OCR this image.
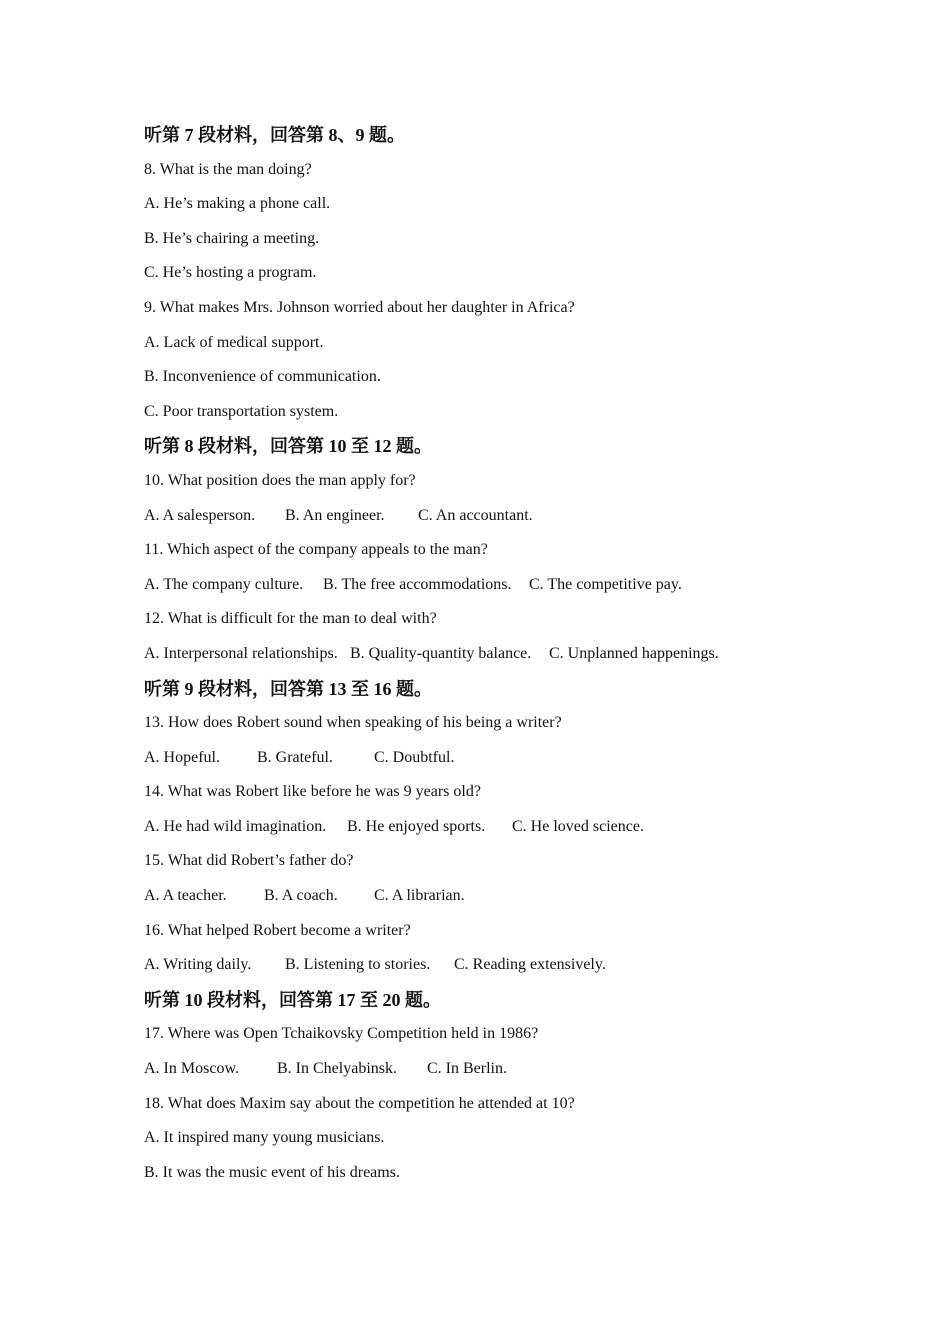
听第 7 段材料，回答第 8、9 题。
8. What is the man doing?
A. He’s making a phone call.
B. He’s chairing a meeting.
C. He’s hosting a program.
9. What makes Mrs. Johnson worried about her daughter in Africa?
A. Lack of medical support.
B. Inconvenience of communication.
C. Poor transportation system.
听第 8 段材料，回答第 10 至 12 题。
10. What position does the man apply for?
A. A salesperson. B. An engineer. C. An accountant.
11. Which aspect of the company appeals to the man?
A. The company culture. B. The free accommodations. C. The competitive pay.
12. What is difficult for the man to deal with?
A. Interpersonal relationships. B. Quality-quantity balance. C. Unplanned happenings.
听第 9 段材料，回答第 13 至 16 题。
13. How does Robert sound when speaking of his being a writer?
A. Hopeful. B. Grateful.	C. Doubtful.
14. What was Robert like before he was 9 years old?
A. He had wild imagination. B. He enjoyed sports. C. He loved science.
15. What did Robert’s father do?
A. A teacher. B. A coach. C. A librarian.
16. What helped Robert become a writer?
A. Writing daily. B. Listening to stories. C. Reading extensively.
听第 10 段材料，回答第 17 至 20 题。
17. Where was Open Tchaikovsky Competition held in 1986?
A. In Moscow. B. In Chelyabinsk. C. In Berlin.
18. What does Maxim say about the competition he attended at 10?
A. It inspired many young musicians.
B. It was the music event of his dreams.
